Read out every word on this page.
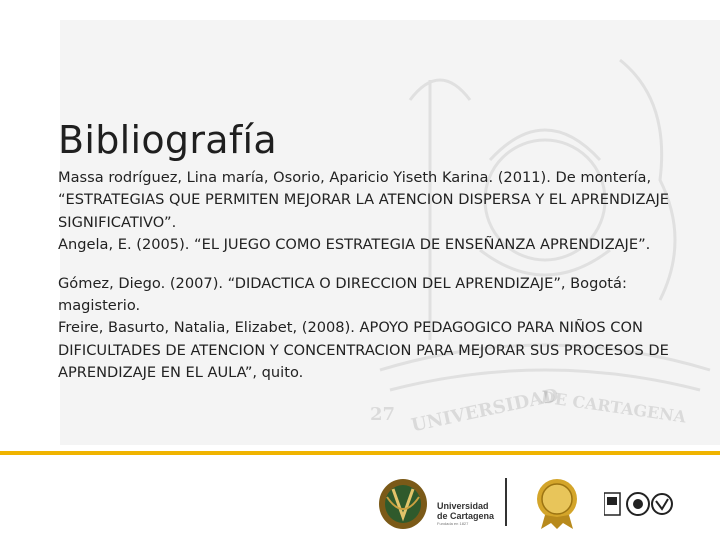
UNIVERSIDAD
DE CARTAGENA
27
Bibliografía

Massa rodríguez, Lina maría, Osorio, Aparicio Yiseth Karina. (2011). De montería, “ESTRATEGIAS QUE PERMITEN MEJORAR LA ATENCION DISPERSA Y EL APRENDIZAJE SIGNIFICATIVO”.

Angela, E. (2005). “EL JUEGO COMO ESTRATEGIA DE ENSEÑANZA APRENDIZAJE”.

Gómez, Diego. (2007). “DIDACTICA O DIRECCION DEL APRENDIZAJE”, Bogotá: magisterio.

Freire, Basurto, Natalia, Elizabet, (2008). APOYO PEDAGOGICO PARA NIÑOS CON DIFICULTADES DE ATENCION Y CONCENTRACION PARA MEJORAR SUS PROCESOS DE APRENDIZAJE EN EL AULA”, quito.

Universidad
de Cartagena
Fundada en 1827
